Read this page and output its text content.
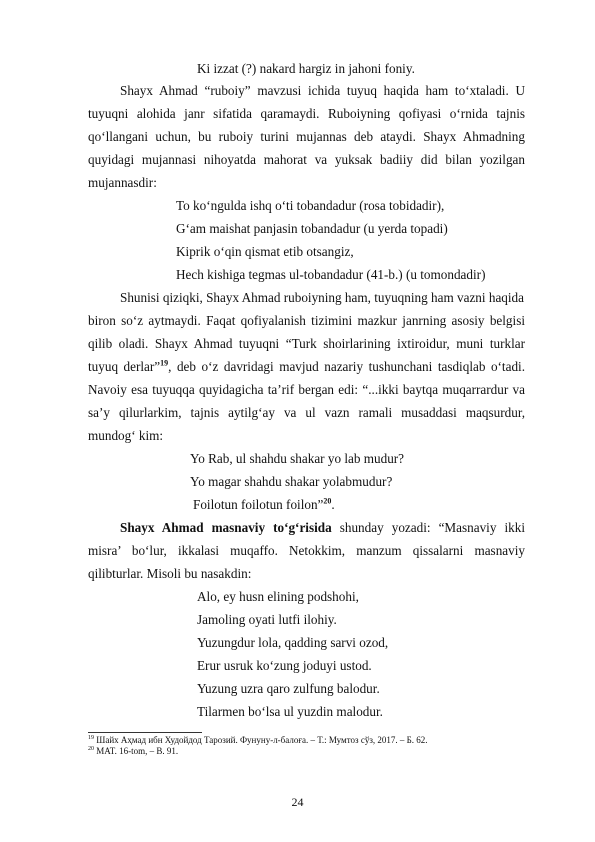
Ki izzat (?) nakard hargiz in jahoni foniy.
Shayx Ahmad “ruboiy” mavzusi ichida tuyuq haqida ham to‘xtaladi. U
tuyuqni alohida janr sifatida qaramaydi. Ruboiyning qofiyasi o‘rnida tajnis
qo‘llangani uchun, bu ruboiy turini mujannas deb ataydi. Shayx Ahmadning
quyidagi mujannasi nihoyatda mahorat va yuksak badiiy did bilan yozilgan
mujannasdir:
To ko‘ngulda ishq o‘ti tobandadur (rosa tobidadir),
G‘am maishat panjasin tobandadur (u yerda topadi)
Kiprik o‘qin qismat etib otsangiz,
Hech kishiga tegmas ul-tobandadur (41-b.) (u tomondadir)
Shunisi qiziqki, Shayx Ahmad ruboiyning ham, tuyuqning ham vazni haqida
biron so‘z aytmaydi. Faqat qofiyalanish tizimini mazkur janrning asosiy belgisi
qilib oladi. Shayx Ahmad tuyuqni “Turk shoirlarining ixtiroidur, muni turklar
tuyuq derlar”$^{19}$, deb o‘z davridagi mavjud nazariy tushunchani tasdiqlab o‘tadi.
Navoiy esa tuyuqqa quyidagicha ta’rif bergan edi: “...ikki baytqa muqarrardur va
sa’y qilurlarkim, tajnis aytilg‘ay va ul vazn ramali musaddasi maqsurdur,
mundog‘ kim:
Yo Rab, ul shahdu shakar yo lab mudur?
Yo magar shahdu shakar yolabmudur?
Foilotun foilotun foilon”$^{20}$.
Shayx Ahmad masnaviy to‘g‘risida shunday yozadi: “Masnaviy ikki
misra’ bo‘lur, ikkalasi muqaffo. Netokkim, manzum qissalarni masnaviy
qilibturlar. Misoli bu nasakdin:
Alo, ey husn elining podshohi,
Jamoling oyati lutfi ilohiy.
Yuzungdur lola, qadding sarvi ozod,
Erur usruk ko‘zung joduyi ustod.
Yuzung uzra qaro zulfung balodur.
Tilarmen bo‘lsa ul yuzdin malodur.
$^{19}$ Шайх Аҳмад ибн Худойдод Тарозий. Фунуну-л-балоға. – Т.: Мумтоз сўз, 2017. – Б. 62.
$^{20}$ MAT. 16-tom, – B. 91.
24
